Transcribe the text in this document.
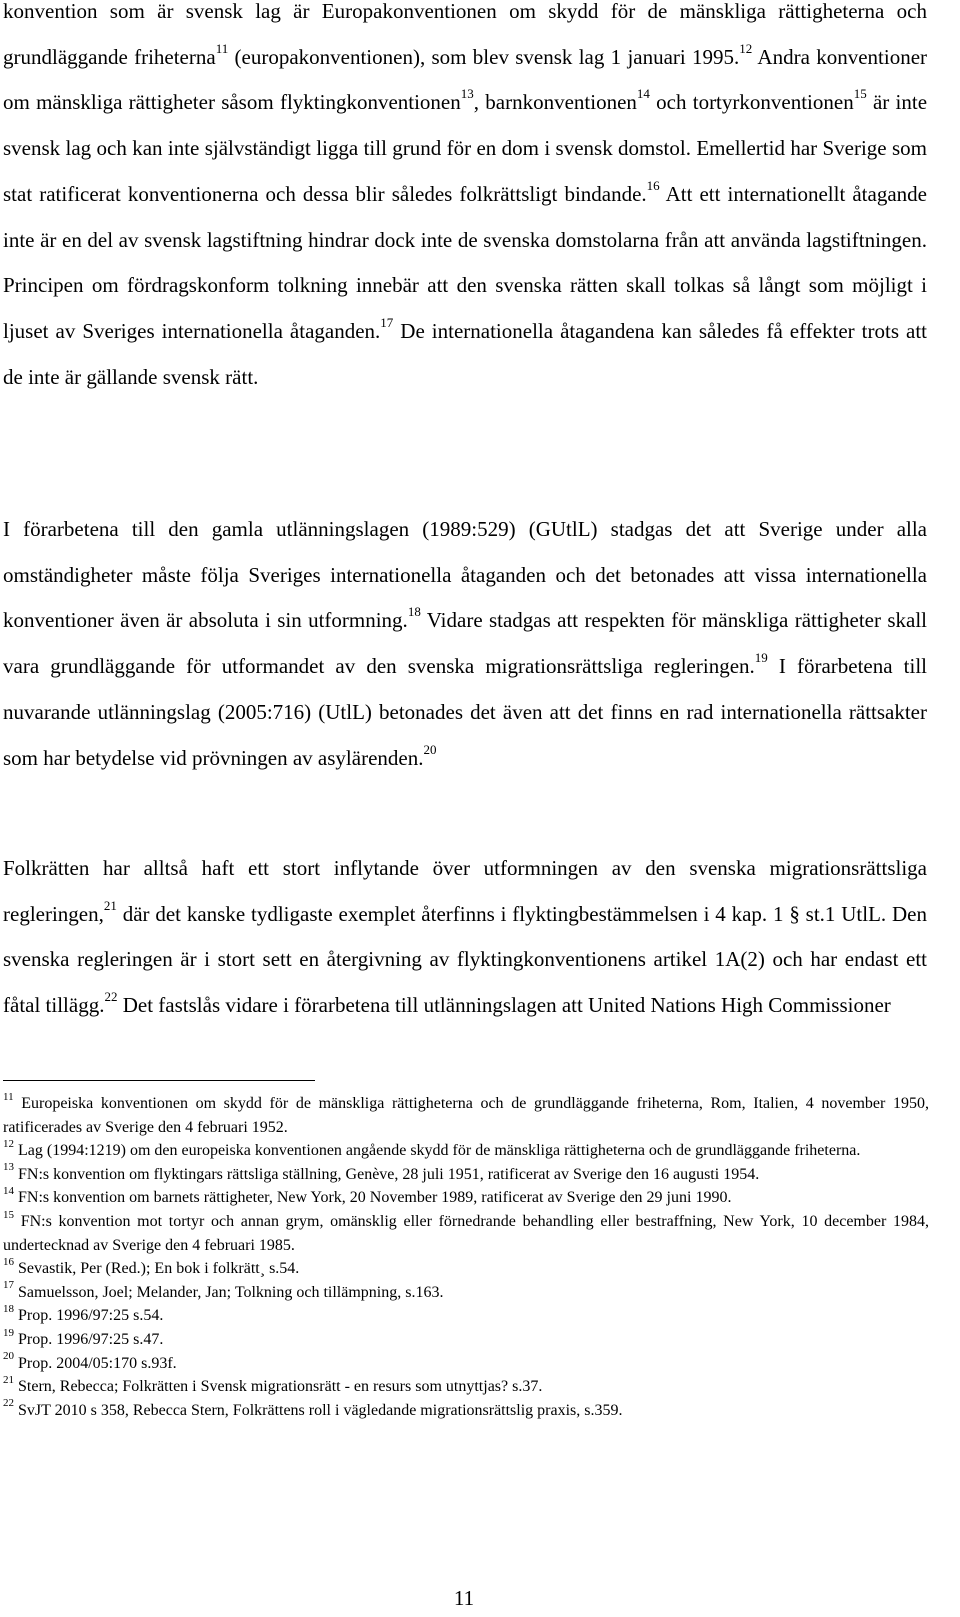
konvention som är svensk lag är Europakonventionen om skydd för de mänskliga rättigheterna och grundläggande friheterna$^{11}$ (europakonventionen), som blev svensk lag 1 januari 1995.12 Andra konventioner om mänskliga rättigheter såsom flyktingkonventionen$^{13}$, barnkonventionen$^{14}$ och tortyrkonventionen$^{15}$ är inte svensk lag och kan inte självständigt ligga till grund för en dom i svensk domstol. Emellertid har Sverige som stat ratificerat konventionerna och dessa blir således folkrättsligt bindande.$^{16}$ Att ett internationellt åtagande inte är en del av svensk lagstiftning hindrar dock inte de svenska domstolarna från att använda lagstiftningen. Principen om fördragskonform tolkning innebär att den svenska rätten skall tolkas så långt som möjligt i ljuset av Sveriges internationella åtaganden.$^{17}$ De internationella åtagandena kan således få effekter trots att de inte är gällande svensk rätt.
I förarbetena till den gamla utlänningslagen (1989:529) (GUtlL) stadgas det att Sverige under alla omständigheter måste följa Sveriges internationella åtaganden och det betonades att vissa internationella konventioner även är absoluta i sin utformning.$^{18}$ Vidare stadgas att respekten för mänskliga rättigheter skall vara grundläggande för utformandet av den svenska migrationsrättsliga regleringen.$^{19}$ I förarbetena till nuvarande utlänningslag (2005:716) (UtlL) betonades det även att det finns en rad internationella rättsakter som har betydelse vid prövningen av asylärenden.$^{20}$
Folkrätten har alltså haft ett stort inflytande över utformningen av den svenska migrationsrättsliga regleringen,$^{21}$ där det kanske tydligaste exemplet återfinns i flyktingbestämmelsen i 4 kap. 1 § st.1 UtlL. Den svenska regleringen är i stort sett en återgivning av flyktingkonventionens artikel 1A(2) och har endast ett fåtal tillägg.$^{22}$ Det fastslås vidare i förarbetena till utlänningslagen att United Nations High Commissioner

$^{11}$ Europeiska konventionen om skydd för de mänskliga rättigheterna och de grundläggande friheterna, Rom, Italien, 4 november 1950, ratificerades av Sverige den 4 februari 1952.

$^{12}$ Lag (1994:1219) om den europeiska konventionen angående skydd för de mänskliga rättigheterna och de grundläggande friheterna.

$^{13}$ FN:s konvention om flyktingars rättsliga ställning, Genève, 28 juli 1951, ratificerat av Sverige den 16 augusti 1954.

$^{14}$ FN:s konvention om barnets rättigheter, New York, 20 November 1989, ratificerat av Sverige den 29 juni 1990.

$^{15}$ FN:s konvention mot tortyr och annan grym, omänsklig eller förnedrande behandling eller bestraffning, New York, 10 december 1984, undertecknad av Sverige den 4 februari 1985.

$^{16}$ Sevastik, Per (Red.); En bok i folkrätt¸ s.54.

$^{17}$ Samuelsson, Joel; Melander, Jan; Tolkning och tillämpning, s.163.

$^{18}$ Prop. 1996/97:25 s.54.

$^{19}$ Prop. 1996/97:25 s.47.

$^{20}$ Prop. 2004/05:170 s.93f.

$^{21}$ Stern, Rebecca; Folkrätten i Svensk migrationsrätt - en resurs som utnyttjas? s.37.

$^{22}$ SvJT 2010 s 358, Rebecca Stern, Folkrättens roll i vägledande migrationsrättslig praxis, s.359.

11
